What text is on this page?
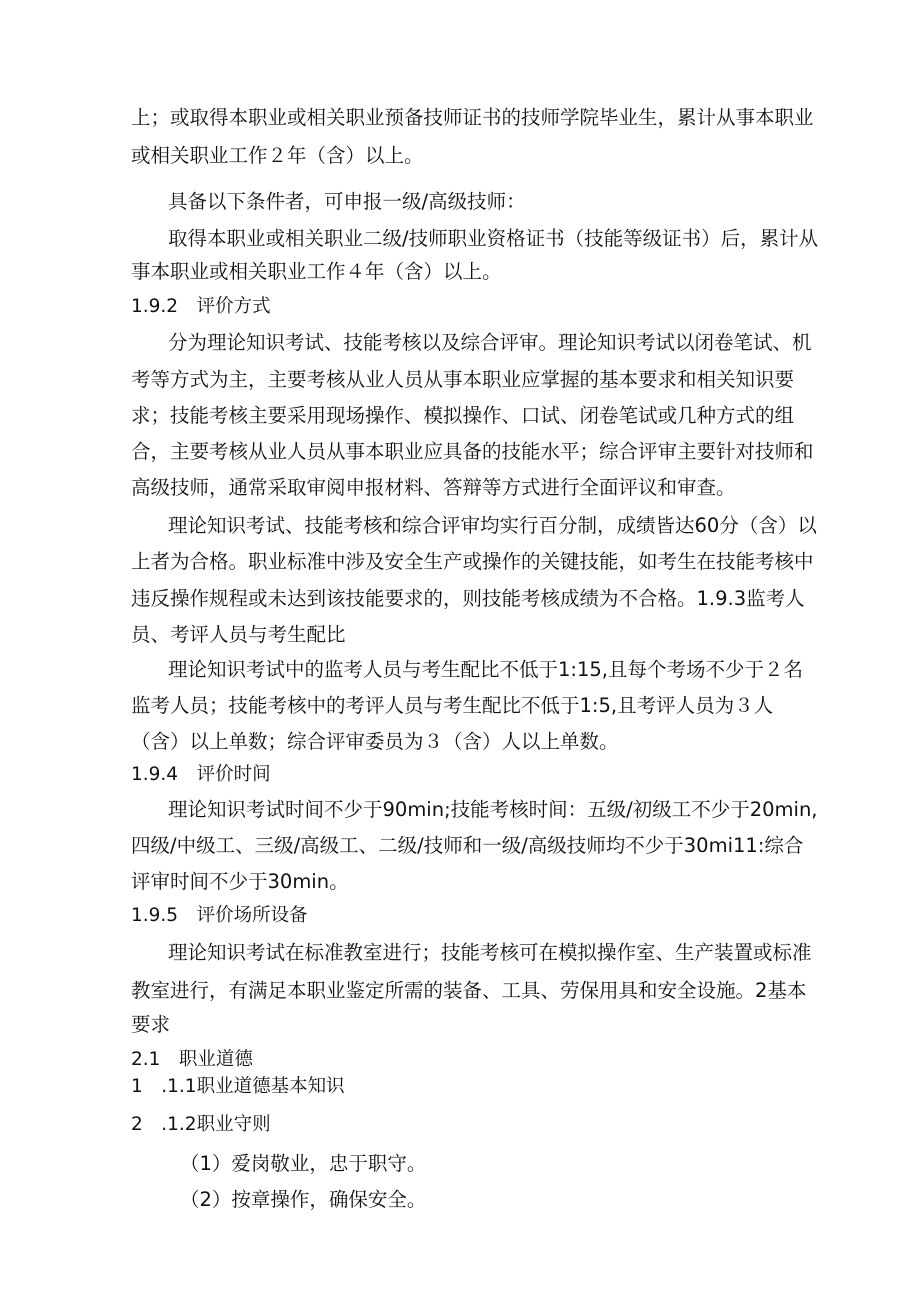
上；或取得本职业或相关职业预备技师证书的技师学院毕业生，累计从事本职业

或相关职业工作２年（含）以上。

具备以下条件者，可申报一级/高级技师：

取得本职业或相关职业二级/技师职业资格证书（技能等级证书）后，累计从

事本职业或相关职业工作４年（含）以上。

1.9.2　评价方式

分为理论知识考试、技能考核以及综合评审。理论知识考试以闭卷笔试、机

考等方式为主，主要考核从业人员从事本职业应掌握的基本要求和相关知识要

求；技能考核主要采用现场操作、模拟操作、口试、闭卷笔试或几种方式的组

合，主要考核从业人员从事本职业应具备的技能水平；综合评审主要针对技师和

高级技师，通常采取审阅申报材料、答辩等方式进行全面评议和审查。

理论知识考试、技能考核和综合评审均实行百分制，成绩皆达60分（含）以

上者为合格。职业标准中涉及安全生产或操作的关键技能，如考生在技能考核中

违反操作规程或未达到该技能要求的，则技能考核成绩为不合格。1.9.3监考人

员、考评人员与考生配比

理论知识考试中的监考人员与考生配比不低于1:15,且每个考场不少于２名

监考人员；技能考核中的考评人员与考生配比不低于1:5,且考评人员为３人

（含）以上单数；综合评审委员为３（含）人以上单数。

1.9.4　评价时间

理论知识考试时间不少于90min;技能考核时间：五级/初级工不少于20min,

四级/中级工、三级/高级工、二级/技师和一级/高级技师均不少于30mi11:综合

评审时间不少于30min。

1.9.5　评价场所设备

理论知识考试在标准教室进行；技能考核可在模拟操作室、生产装置或标准

教室进行，有满足本职业鉴定所需的装备、工具、劳保用具和安全设施。2基本

要求

2.1　职业道德

1　.1.1职业道德基本知识

2　.1.2职业守则

（1）爱岗敬业，忠于职守。

（2）按章操作，确保安全。
